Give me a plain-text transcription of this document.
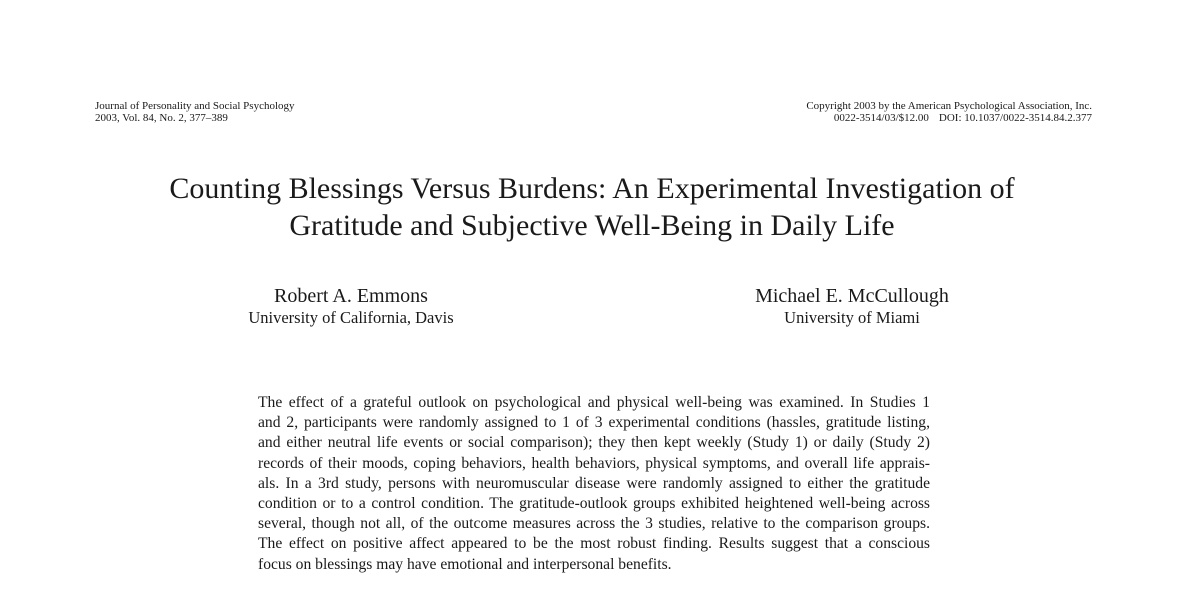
Journal of Personality and Social Psychology
2003, Vol. 84, No. 2, 377–389
Copyright 2003 by the American Psychological Association, Inc.
0022-3514/03/$12.00 DOI: 10.1037/0022-3514.84.2.377
Counting Blessings Versus Burdens: An Experimental Investigation of
Gratitude and Subjective Well-Being in Daily Life
Robert A. Emmons
University of California, Davis
Michael E. McCullough
University of Miami
The effect of a grateful outlook on psychological and physical well-being was examined. In Studies 1
and 2, participants were randomly assigned to 1 of 3 experimental conditions (hassles, gratitude listing,
and either neutral life events or social comparison); they then kept weekly (Study 1) or daily (Study 2)
records of their moods, coping behaviors, health behaviors, physical symptoms, and overall life apprais-
als. In a 3rd study, persons with neuromuscular disease were randomly assigned to either the gratitude
condition or to a control condition. The gratitude-outlook groups exhibited heightened well-being across
several, though not all, of the outcome measures across the 3 studies, relative to the comparison groups.
The effect on positive affect appeared to be the most robust finding. Results suggest that a conscious
focus on blessings may have emotional and interpersonal benefits.
